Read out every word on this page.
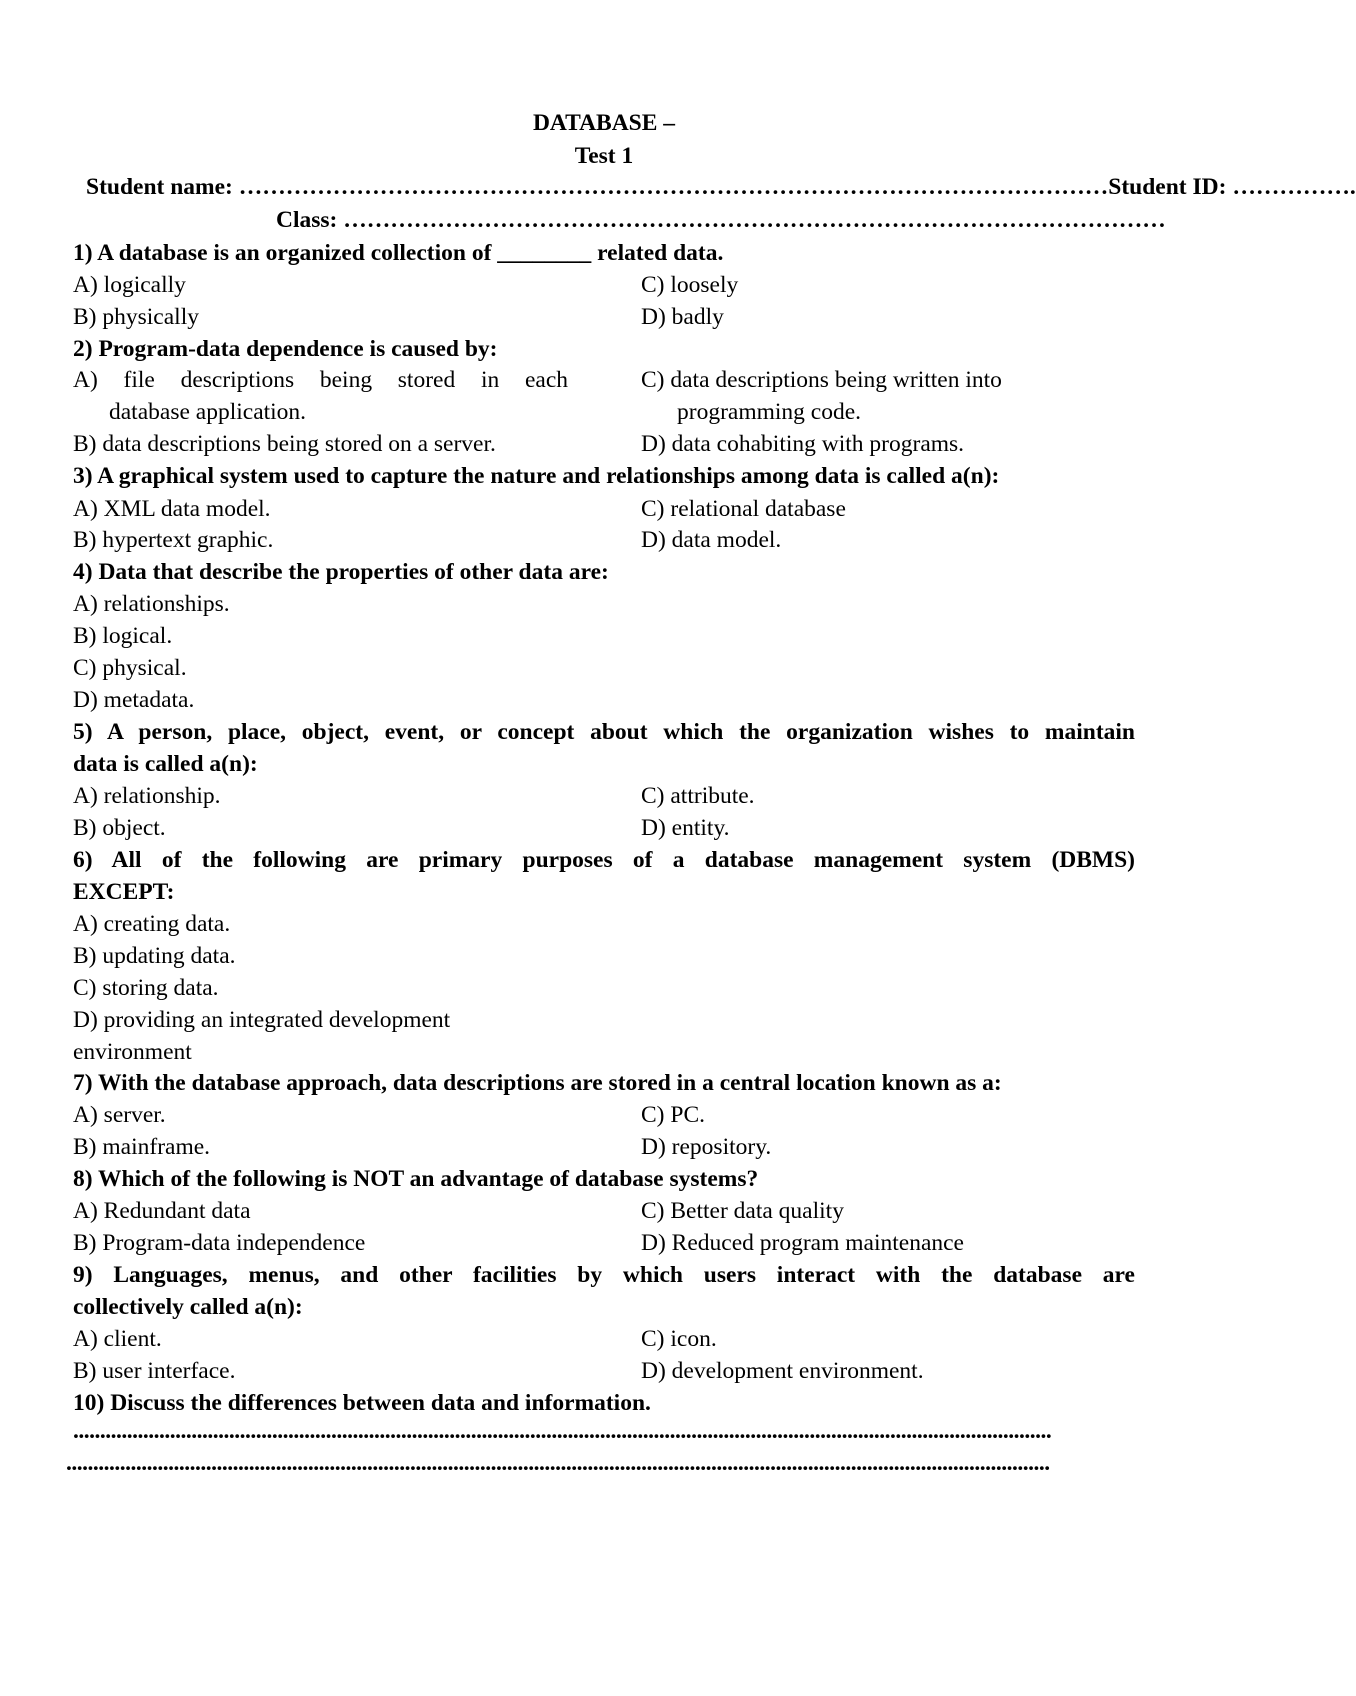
DATABASE –
Test 1
Student name: …………………………………………………………………………………………………Student ID: …………….
Class: ……………………………………………………………………………………………
1) A database is an organized collection of ________ related data.
A) logically	C) loosely
B) physically	D) badly
2) Program-data dependence is caused by:
A) file descriptions being stored in each
database application.
C) data descriptions being written into
programming code.
B) data descriptions being stored on a server.	D) data cohabiting with programs.
3) A graphical system used to capture the nature and relationships among data is called a(n):
A) XML data model.	C) relational database
B) hypertext graphic.	D) data model.
4) Data that describe the properties of other data are:
A) relationships.
B) logical.
C) physical.
D) metadata.
5) A person, place, object, event, or concept about which the organization wishes to maintain
data is called a(n):
A) relationship.	C) attribute.
B) object.	D) entity.
6) All of the following are primary purposes of a database management system (DBMS)
EXCEPT:
A) creating data.
B) updating data.
C) storing data.
D) providing an integrated development
environment
7) With the database approach, data descriptions are stored in a central location known as a:
A) server.	C) PC.
B) mainframe.	D) repository.
8) Which of the following is NOT an advantage of database systems?
A) Redundant data	C) Better data quality
B) Program-data independence	D) Reduced program maintenance
9) Languages, menus, and other facilities by which users interact with the database are
collectively called a(n):
A) client.	C) icon.
B) user interface.	D) development environment.
10) Discuss the differences between data and information.
......................................................................................................................................................................................
.......................................................................................................................................................................................
